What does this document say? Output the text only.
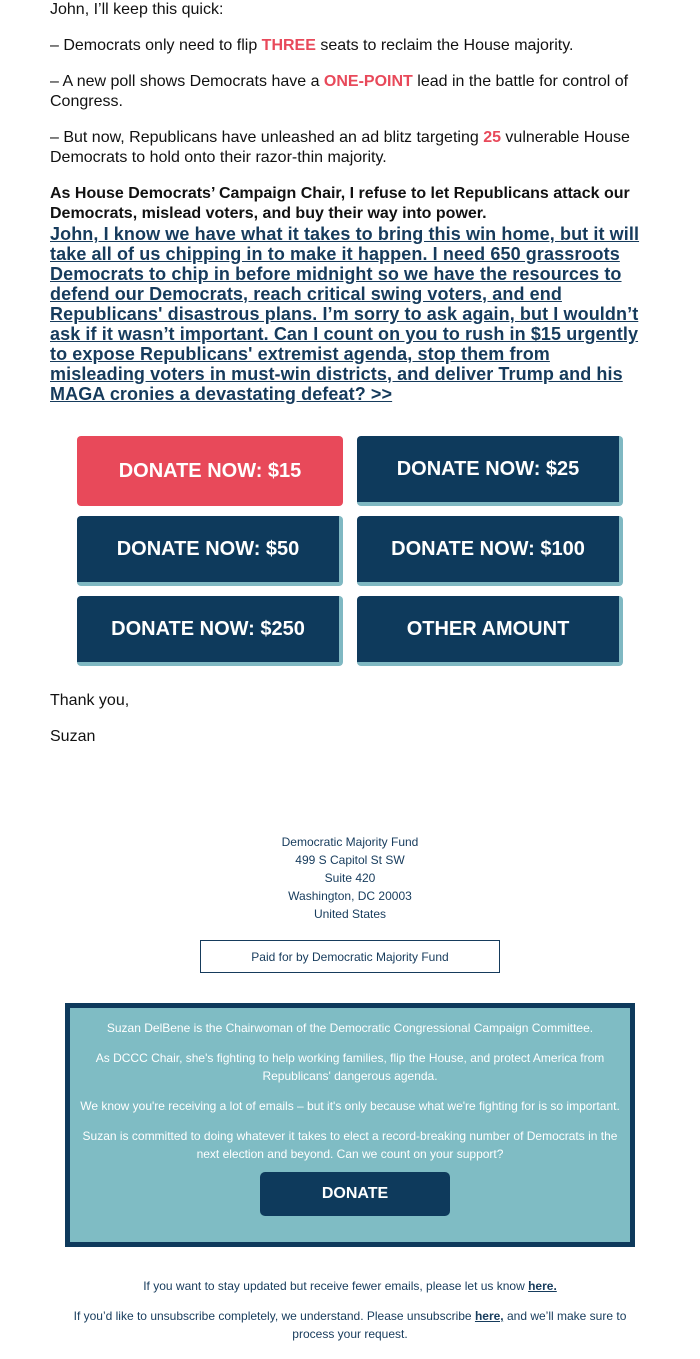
John, I’ll keep this quick:

– Democrats only need to flip THREE seats to reclaim the House majority.

– A new poll shows Democrats have a ONE-POINT lead in the battle for control of Congress.

– But now, Republicans have unleashed an ad blitz targeting 25 vulnerable House Democrats to hold onto their razor-thin majority.

As House Democrats’ Campaign Chair, I refuse to let Republicans attack our Democrats, mislead voters, and buy their way into power.

John, I know we have what it takes to bring this win home, but it will take all of us chipping in to make it happen. I need 650 grassroots Democrats to chip in before midnight so we have the resources to defend our Democrats, reach critical swing voters, and end Republicans' disastrous plans. I’m sorry to ask again, but I wouldn’t ask if it wasn’t important. Can I count on you to rush in $15 urgently to expose Republicans' extremist agenda, stop them from misleading voters in must-win districts, and deliver Trump and his MAGA cronies a devastating defeat? >>
DONATE NOW: $15	DONATE NOW: $25
DONATE NOW: $50	DONATE NOW: $100
DONATE NOW: $250	OTHER AMOUNT
Thank you,
Suzan
Democratic Majority Fund
499 S Capitol St SW
Suite 420
Washington, DC 20003
United States
Paid for by Democratic Majority Fund

Suzan DelBene is the Chairwoman of the Democratic Congressional Campaign Committee.

As DCCC Chair, she's fighting to help working families, flip the House, and protect America from Republicans' dangerous agenda.

We know you're receiving a lot of emails – but it's only because what we're fighting for is so important.

Suzan is committed to doing whatever it takes to elect a record-breaking number of Democrats in the next election and beyond. Can we count on your support?

DONATE
If you want to stay updated but receive fewer emails, please let us know here.
If you’d like to unsubscribe completely, we understand. Please unsubscribe here, and we’ll make sure to process your request.
